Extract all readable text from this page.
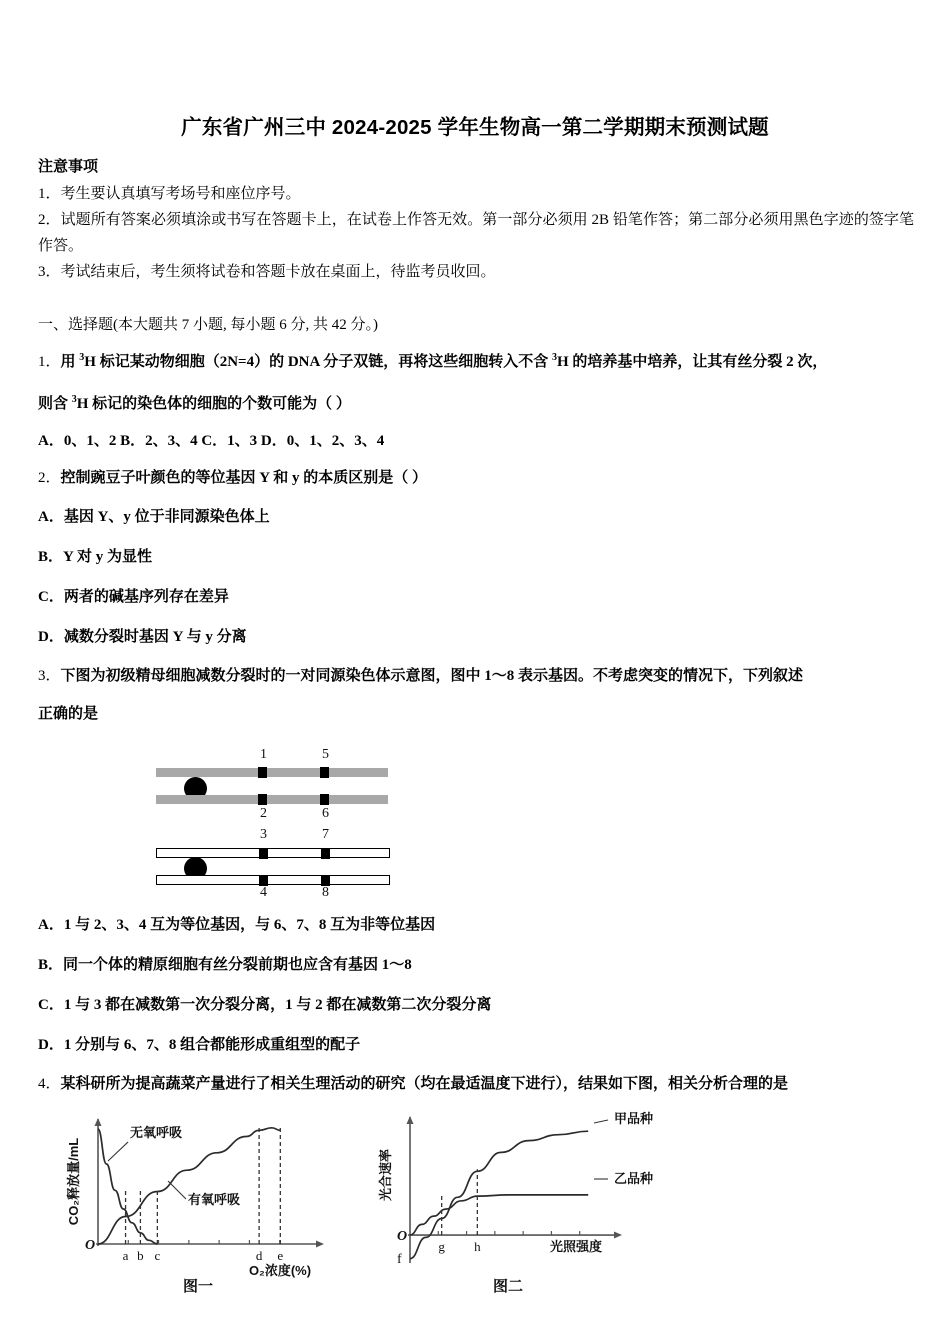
广东省广州三中 2024-2025 学年生物高一第二学期期末预测试题
注意事项
1．考生要认真填写考场号和座位序号。
2．试题所有答案必须填涂或书写在答题卡上，在试卷上作答无效。第一部分必须用 2B 铅笔作答；第二部分必须用黑色字迹的签字笔作答。
3．考试结束后，考生须将试卷和答题卡放在桌面上，待监考员收回。
一、选择题(本大题共 7 小题, 每小题 6 分, 共 42 分。)
1．用 $^3$H 标记某动物细胞（2N=4）的 DNA 分子双链，再将这些细胞转入不含 $^3$H 的培养基中培养，让其有丝分裂 2 次，
则含 $^3$H 标记的染色体的细胞的个数可能为（ ）
A．0、1、2 B．2、3、4 C．1、3 D．0、1、2、3、4
2．控制豌豆子叶颜色的等位基因 Y 和 y 的本质区别是（ ）
A．基因 Y、y 位于非同源染色体上
B．Y 对 y 为显性
C．两者的碱基序列存在差异
D．减数分裂时基因 Y 与 y 分离
3．下图为初级精母细胞减数分裂时的一对同源染色体示意图，图中 1～8 表示基因。不考虑突变的情况下，下列叙述
正确的是
1	5
2	6
3	7
4	8
A．1 与 2、3、4 互为等位基因，与 6、7、8 互为非等位基因
B．同一个体的精原细胞有丝分裂前期也应含有基因 1～8
C．1 与 3 都在减数第一次分裂分离，1 与 2 都在减数第二次分裂分离
D．1 分别与 6、7、8 组合都能形成重组型的配子
4．某科研所为提高蔬菜产量进行了相关生理活动的研究（均在最适温度下进行），结果如下图，相关分析合理的是
a b c	d e
O
CO₂释放量/mL
O₂浓度(%)
无氧呼吸
有氧呼吸
图一
g h
O
f
光合速率
光照强度
甲品种
乙品种
图二
